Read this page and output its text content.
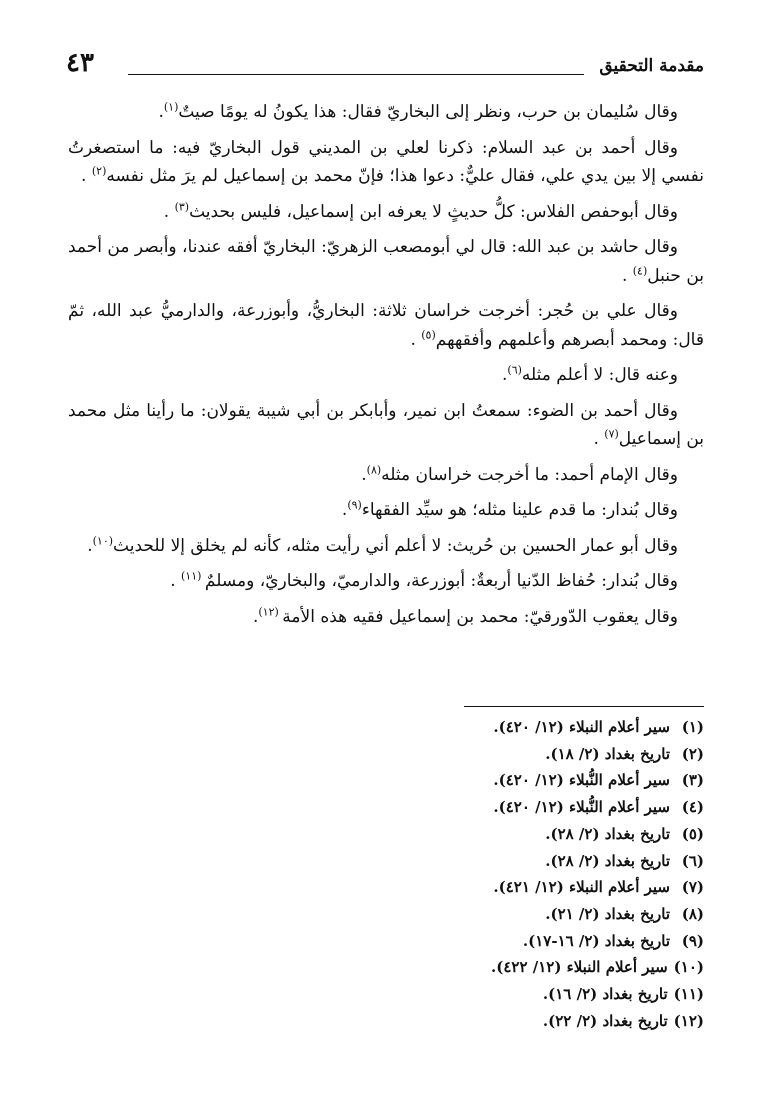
مقدمة التحقيق
٤٣

وقال سُليمان بن حرب، ونظر إلى البخاريّ فقال: هذا يكونُ له يومًا صيتٌ$^{(١)}$.

وقال أحمد بن عبد السلام: ذكرنا لعلي بن المديني قول البخاريّ فيه: ما استصغرتُ نفسي إلا بين يدي علي، فقال عليٌّ: دعوا هذا؛ فإنّ محمد بن إسماعيل لم يرَ مثل نفسه$^{(٢)}$ .

وقال أبوحفص الفلاس: كلُّ حديثٍ لا يعرفه ابن إسماعيل، فليس بحديث$^{(٣)}$ .

وقال حاشد بن عبد الله: قال لي أبومصعب الزهريّ: البخاريّ أفقه عندنا، وأبصر من أحمد بن حنبل$^{(٤)}$ .

وقال علي بن حُجر: أخرجت خراسان ثلاثة: البخاريُّ، وأبوزرعة، والدارميُّ عبد الله، ثمّ قال: ومحمد أبصرهم وأعلمهم وأفقههم$^{(٥)}$ .

وعنه قال: لا أعلم مثله$^{(٦)}$.

وقال أحمد بن الضوء: سمعتُ ابن نمير، وأبابكر بن أبي شيبة يقولان: ما رأينا مثل محمد بن إسماعيل$^{(٧)}$ .

وقال الإمام أحمد: ما أخرجت خراسان مثله$^{(٨)}$.

وقال بُندار: ما قدم علينا مثله؛ هو سيِّد الفقهاء$^{(٩)}$.

وقال أبو عمار الحسين بن حُريث: لا أعلم أني رأيت مثله، كأنه لم يخلق إلا للحديث$^{(١٠)}$.

وقال بُندار: حُفاظ الدّنيا أربعةٌ: أبوزرعة، والدارميّ، والبخاريّ، ومسلمٌ $^{(١١)}$ .

وقال يعقوب الدّورقيّ: محمد بن إسماعيل فقيه هذه الأمة $^{(١٢)}$.

(١)سير أعلام النبلاء (١٢/ ٤٢٠).
(٢)تاريخ بغداد (٢/ ١٨).
(٣)سير أعلام النُّبلاء (١٢/ ٤٢٠).
(٤)سير أعلام النُّبلاء (١٢/ ٤٢٠).
(٥)تاريخ بغداد (٢/ ٢٨).
(٦)تاريخ بغداد (٢/ ٢٨).
(٧)سير أعلام النبلاء (١٢/ ٤٢١).
(٨)تاريخ بغداد (٢/ ٢١).
(٩)تاريخ بغداد (٢/ ١٦-١٧).
(١٠)سير أعلام النبلاء (١٢/ ٤٢٢).
(١١)تاريخ بغداد (٢/ ١٦).
(١٢)تاريخ بغداد (٢/ ٢٢).
